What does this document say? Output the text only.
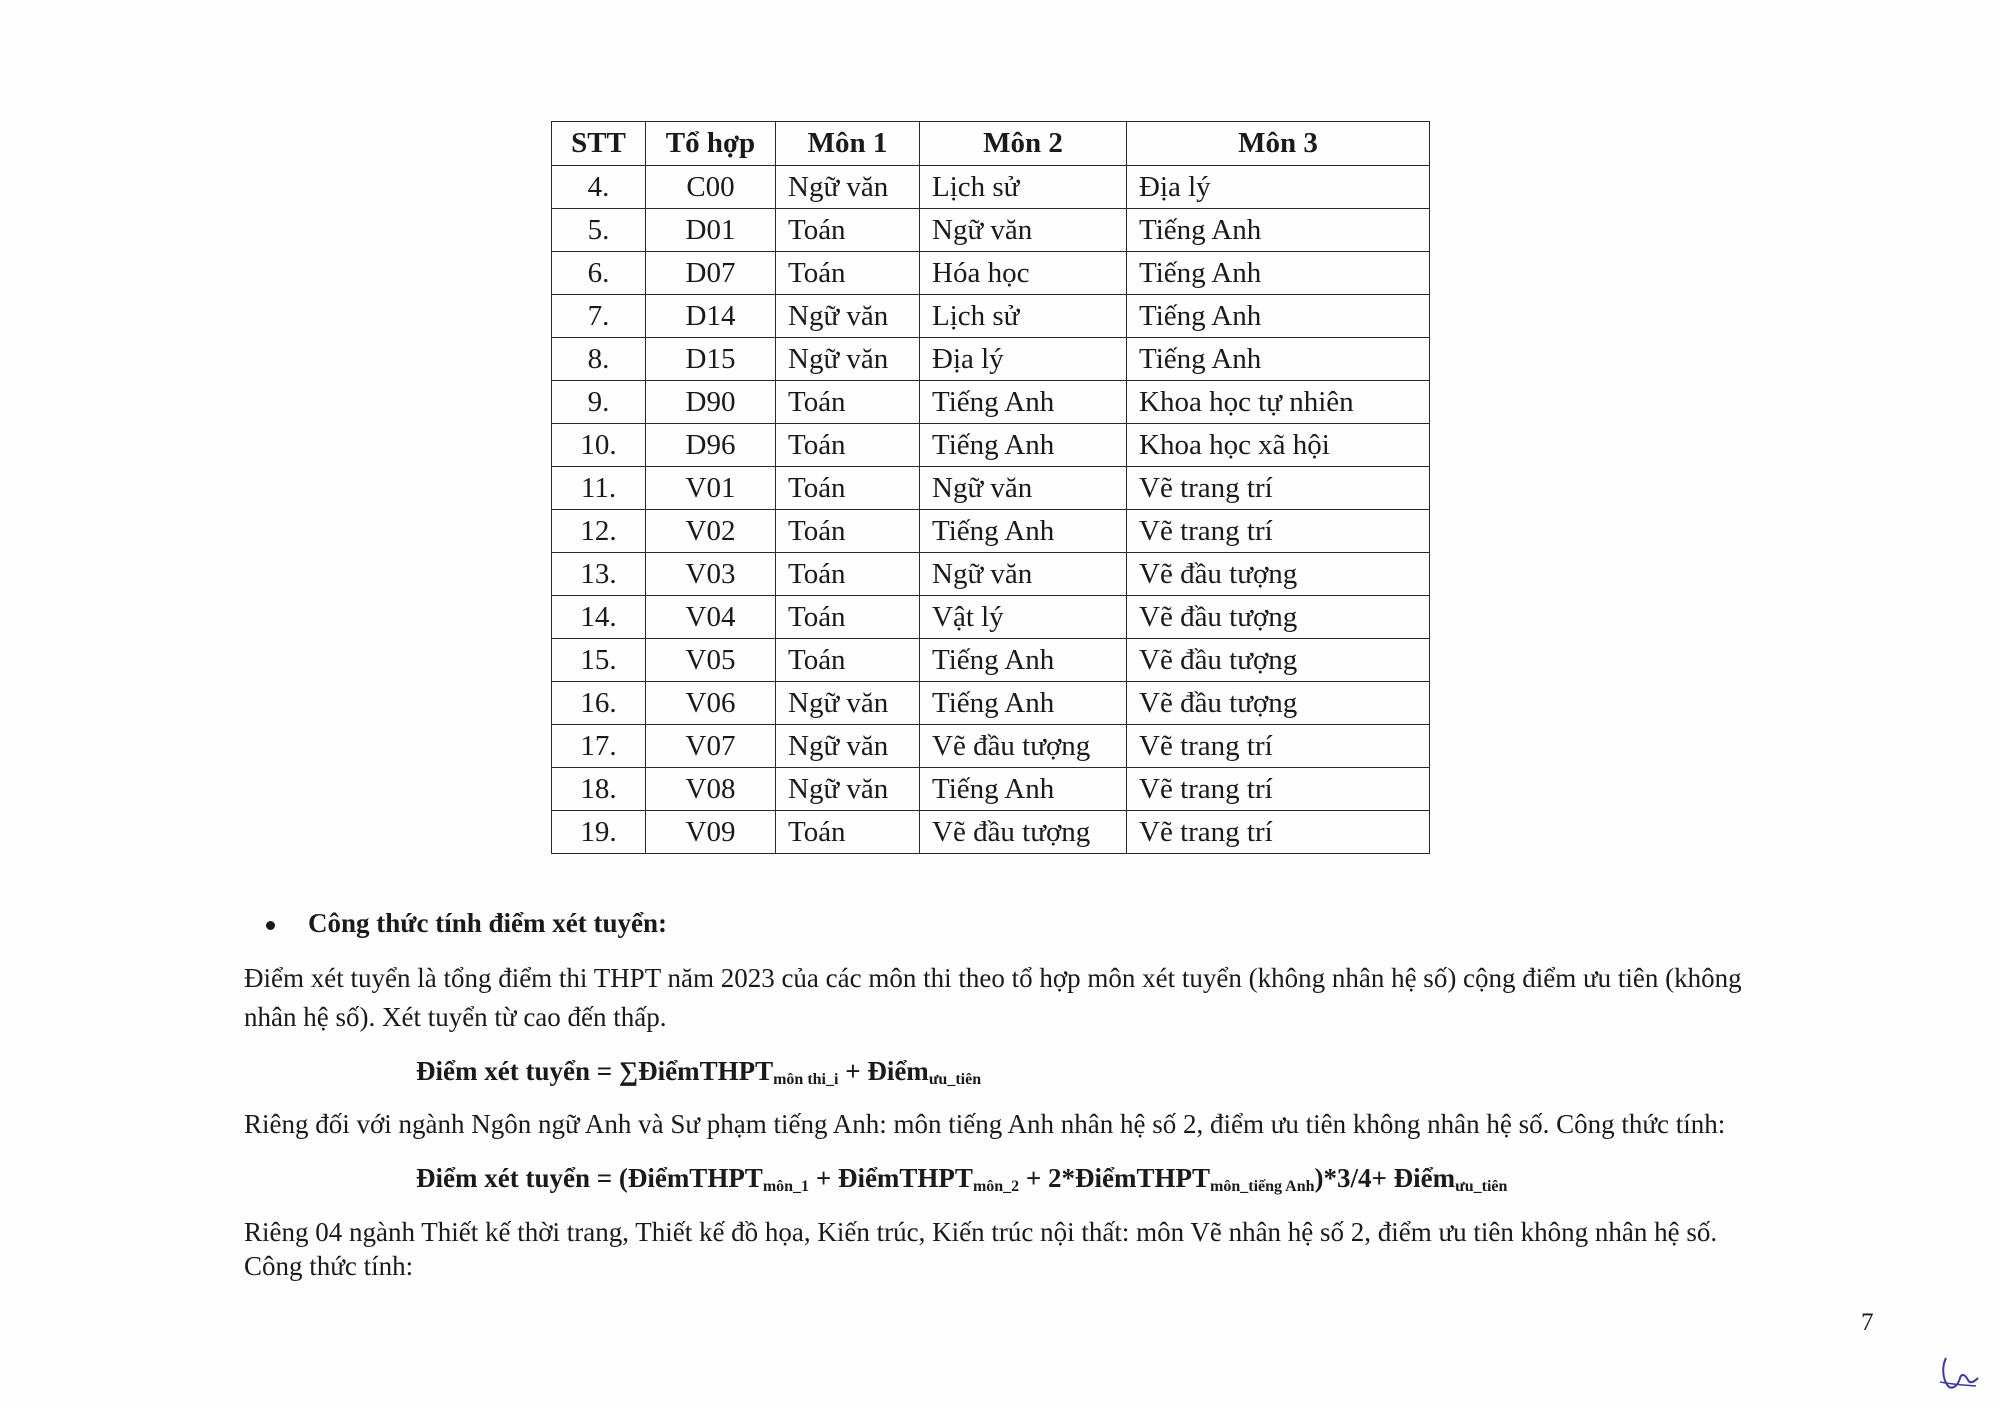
STT	Tổ hợp	Môn 1	Môn 2	Môn 3
4.	C00	Ngữ văn	Lịch sử	Địa lý
5.	D01	Toán	Ngữ văn	Tiếng Anh
6.	D07	Toán	Hóa học	Tiếng Anh
7.	D14	Ngữ văn	Lịch sử	Tiếng Anh
8.	D15	Ngữ văn	Địa lý	Tiếng Anh
9.	D90	Toán	Tiếng Anh	Khoa học tự nhiên
10.	D96	Toán	Tiếng Anh	Khoa học xã hội
11.	V01	Toán	Ngữ văn	Vẽ trang trí
12.	V02	Toán	Tiếng Anh	Vẽ trang trí
13.	V03	Toán	Ngữ văn	Vẽ đầu tượng
14.	V04	Toán	Vật lý	Vẽ đầu tượng
15.	V05	Toán	Tiếng Anh	Vẽ đầu tượng
16.	V06	Ngữ văn	Tiếng Anh	Vẽ đầu tượng
17.	V07	Ngữ văn	Vẽ đầu tượng	Vẽ trang trí
18.	V08	Ngữ văn	Tiếng Anh	Vẽ trang trí
19.	V09	Toán	Vẽ đầu tượng	Vẽ trang trí
Công thức tính điểm xét tuyển:
Điểm xét tuyển là tổng điểm thi THPT năm 2023 của các môn thi theo tổ hợp môn xét tuyển (không nhân hệ số) cộng điểm ưu tiên (không
nhân hệ số). Xét tuyển từ cao đến thấp.
Điểm xét tuyển = ∑ĐiểmTHPT$_{môn thi\_i}$ + Điểm$_{ưu\_tiên}$
Riêng đối với ngành Ngôn ngữ Anh và Sư phạm tiếng Anh: môn tiếng Anh nhân hệ số 2, điểm ưu tiên không nhân hệ số. Công thức tính:
Điểm xét tuyển = (ĐiểmTHPT$_{môn\_1}$ + ĐiểmTHPT$_{môn\_2}$ + 2*ĐiểmTHPT$_{môn\_tiếng Anh}$)*3/4+ Điểm$_{ưu\_tiên}$
Riêng 04 ngành Thiết kế thời trang, Thiết kế đồ họa, Kiến trúc, Kiến trúc nội thất: môn Vẽ nhân hệ số 2, điểm ưu tiên không nhân hệ số.
Công thức tính:
7
